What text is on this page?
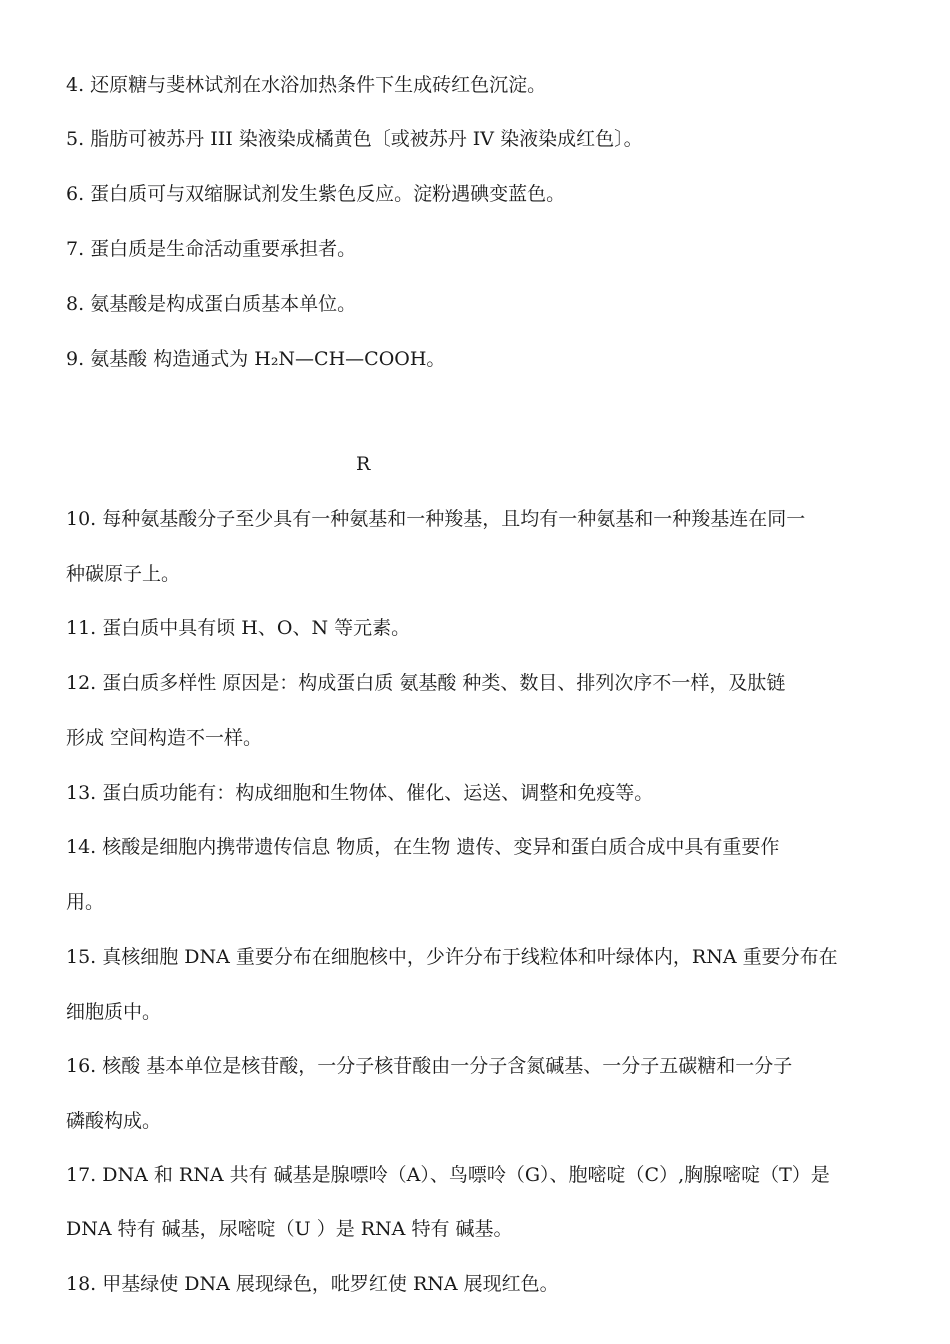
4. 还原糖与斐林试剂在水浴加热条件下生成砖红色沉淀。
5. 脂肪可被苏丹 III 染液染成橘黄色〔或被苏丹 IV 染液染成红色〕。
6. 蛋白质可与双缩脲试剂发生紫色反应。淀粉遇碘变蓝色。
7. 蛋白质是生命活动重要承担者。
8. 氨基酸是构成蛋白质基本单位。
9. 氨基酸 构造通式为 H₂N—CH—COOH。
R
10. 每种氨基酸分子至少具有一种氨基和一种羧基，且均有一种氨基和一种羧基连在同一
种碳原子上。
11. 蛋白质中具有顷 H、O、N 等元素。
12. 蛋白质多样性 原因是：构成蛋白质 氨基酸 种类、数目、排列次序不一样，及肽链
形成 空间构造不一样。
13. 蛋白质功能有：构成细胞和生物体、催化、运送、调整和免疫等。
14. 核酸是细胞内携带遗传信息 物质，在生物 遗传、变异和蛋白质合成中具有重要作
用。
15. 真核细胞 DNA 重要分布在细胞核中，少许分布于线粒体和叶绿体内，RNA 重要分布在
细胞质中。
16. 核酸 基本单位是核苷酸，一分子核苷酸由一分子含氮碱基、一分子五碳糖和一分子
磷酸构成。
17. DNA 和 RNA 共有 碱基是腺嘌呤（A）、鸟嘌呤（G）、胞嘧啶（C）,胸腺嘧啶（T）是
DNA 特有 碱基，尿嘧啶（U ）是 RNA 特有 碱基。
18. 甲基绿使 DNA 展现绿色，吡罗红使 RNA 展现红色。
